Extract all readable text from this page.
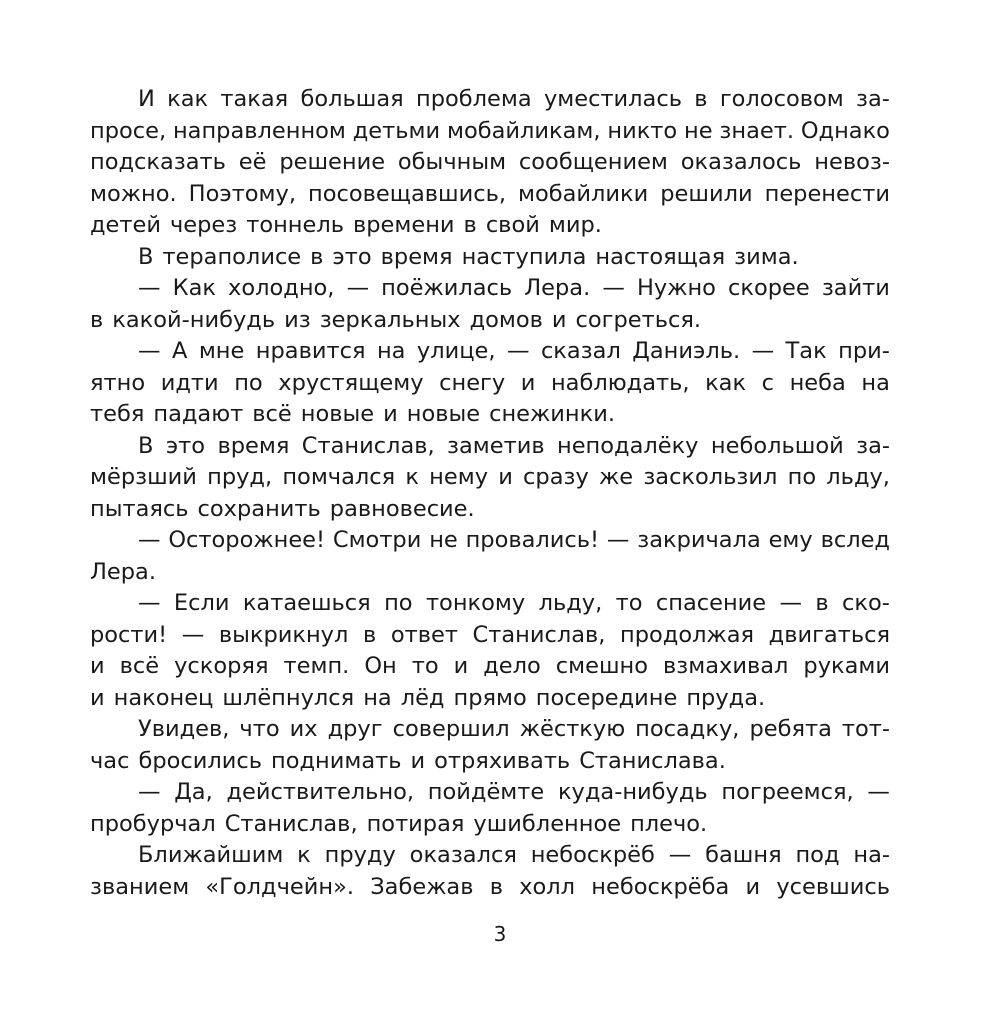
И как такая большая проблема уместилась в голосовом за-
просе, направленном детьми мобайликам, никто не знает. Однако
подсказать её решение обычным сообщением оказалось невоз-
можно. Поэтому, посовещавшись, мобайлики решили перенести
детей через тоннель времени в свой мир.
В тераполисе в это время наступила настоящая зима.
— Как холодно, — поёжилась Лера. — Нужно скорее зайти
в какой-нибудь из зеркальных домов и согреться.
— А мне нравится на улице, — сказал Даниэль. — Так при-
ятно идти по хрустящему снегу и наблюдать, как с неба на
тебя падают всё новые и новые снежинки.
В это время Станислав, заметив неподалёку небольшой за-
мёрзший пруд, помчался к нему и сразу же заскользил по льду,
пытаясь сохранить равновесие.
— Осторожнее! Смотри не провались! — закричала ему вслед
Лера.
— Если катаешься по тонкому льду, то спасение — в ско-
рости! — выкрикнул в ответ Станислав, продолжая двигаться
и всё ускоряя темп. Он то и дело смешно взмахивал руками
и наконец шлёпнулся на лёд прямо посередине пруда.
Увидев, что их друг совершил жёсткую посадку, ребята тот-
час бросились поднимать и отряхивать Станислава.
— Да, действительно, пойдёмте куда-нибудь погреемся, —
пробурчал Станислав, потирая ушибленное плечо.
Ближайшим к пруду оказался небоскрёб — башня под на-
званием «Голдчейн». Забежав в холл небоскрёба и усевшись
3
